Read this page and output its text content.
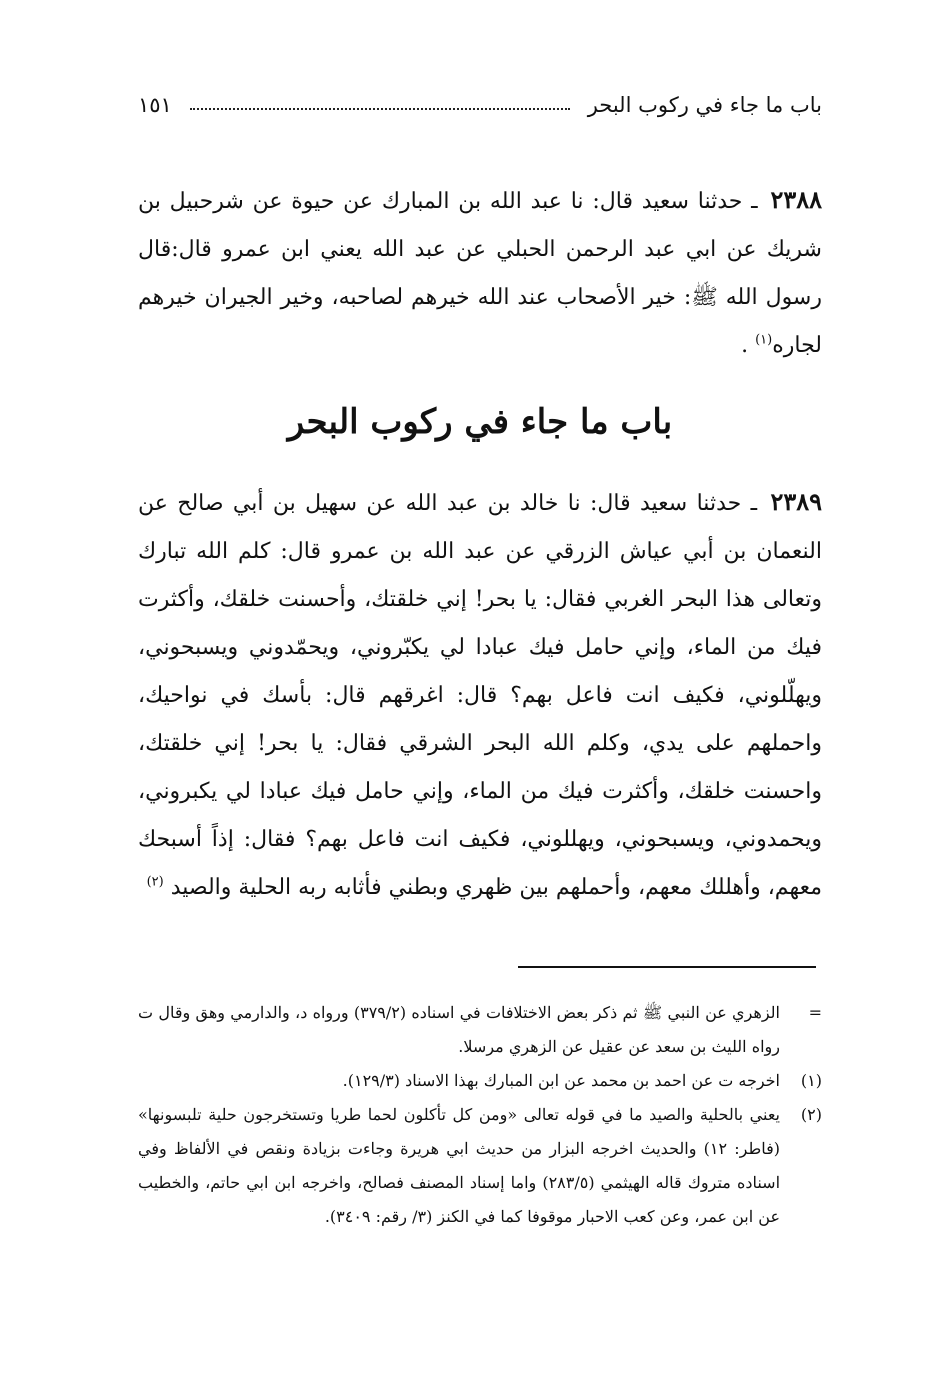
باب ما جاء في ركوب البحر
١٥١

٢٣٨٨ ـ حدثنا سعيد قال: نا عبد الله بن المبارك عن حيوة عن شرحبيل بن شريك عن ابي عبد الرحمن الحبلي عن عبد الله يعني ابن عمرو قال:قال رسول الله ﷺ: خير الأصحاب عند الله خيرهم لصاحبه، وخير الجيران خيرهم لجاره$^{(١)}$ .

باب ما جاء في ركوب البحر

٢٣٨٩ ـ حدثنا سعيد قال: نا خالد بن عبد الله عن سهيل بن أبي صالح عن النعمان بن أبي عياش الزرقي عن عبد الله بن عمرو قال: كلم الله تبارك وتعالى هذا البحر الغربي فقال: يا بحر! إني خلقتك، وأحسنت خلقك، وأكثرت فيك من الماء، وإني حامل فيك عبادا لي يكبّروني، ويحمّدوني ويسبحوني، ويهلّلوني، فكيف انت فاعل بهم؟ قال: اغرقهم قال: بأسك في نواحيك، واحملهم على يدي، وكلم الله البحر الشرقي فقال: يا بحر! إني خلقتك، واحسنت خلقك، وأكثرت فيك من الماء، وإني حامل فيك عبادا لي يكبروني، ويحمدوني، ويسبحوني، ويهللوني، فكيف انت فاعل بهم؟ فقال: إذاً أسبحك معهم، وأهللك معهم، وأحملهم بين ظهري وبطني فأثابه ربه الحلية والصيد $^{(٢)}$

=
الزهري عن النبي ﷺ ثم ذكر بعض الاختلافات في اسناده (٣٧٩/٢) ورواه د، والدارمي وهق وقال ت رواه الليث بن سعد عن عقيل عن الزهري مرسلا.
(١)
اخرجه ت عن احمد بن محمد عن ابن المبارك بهذا الاسناد (١٢٩/٣).
(٢)
يعني بالحلية والصيد ما في قوله تعالى «ومن كل تأكلون لحما طريا وتستخرجون حلية تلبسونها» (فاطر: ١٢) والحديث اخرجه البزار من حديث ابي هريرة وجاءت بزيادة ونقص في الألفاظ وفي اسناده متروك قاله الهيثمي (٢٨٣/٥) واما إسناد المصنف فصالح، واخرجه ابن ابي حاتم، والخطيب عن ابن عمر، وعن كعب الاحبار موقوفا كما في الكنز (٣/ رقم: ٣٤٠٩).
